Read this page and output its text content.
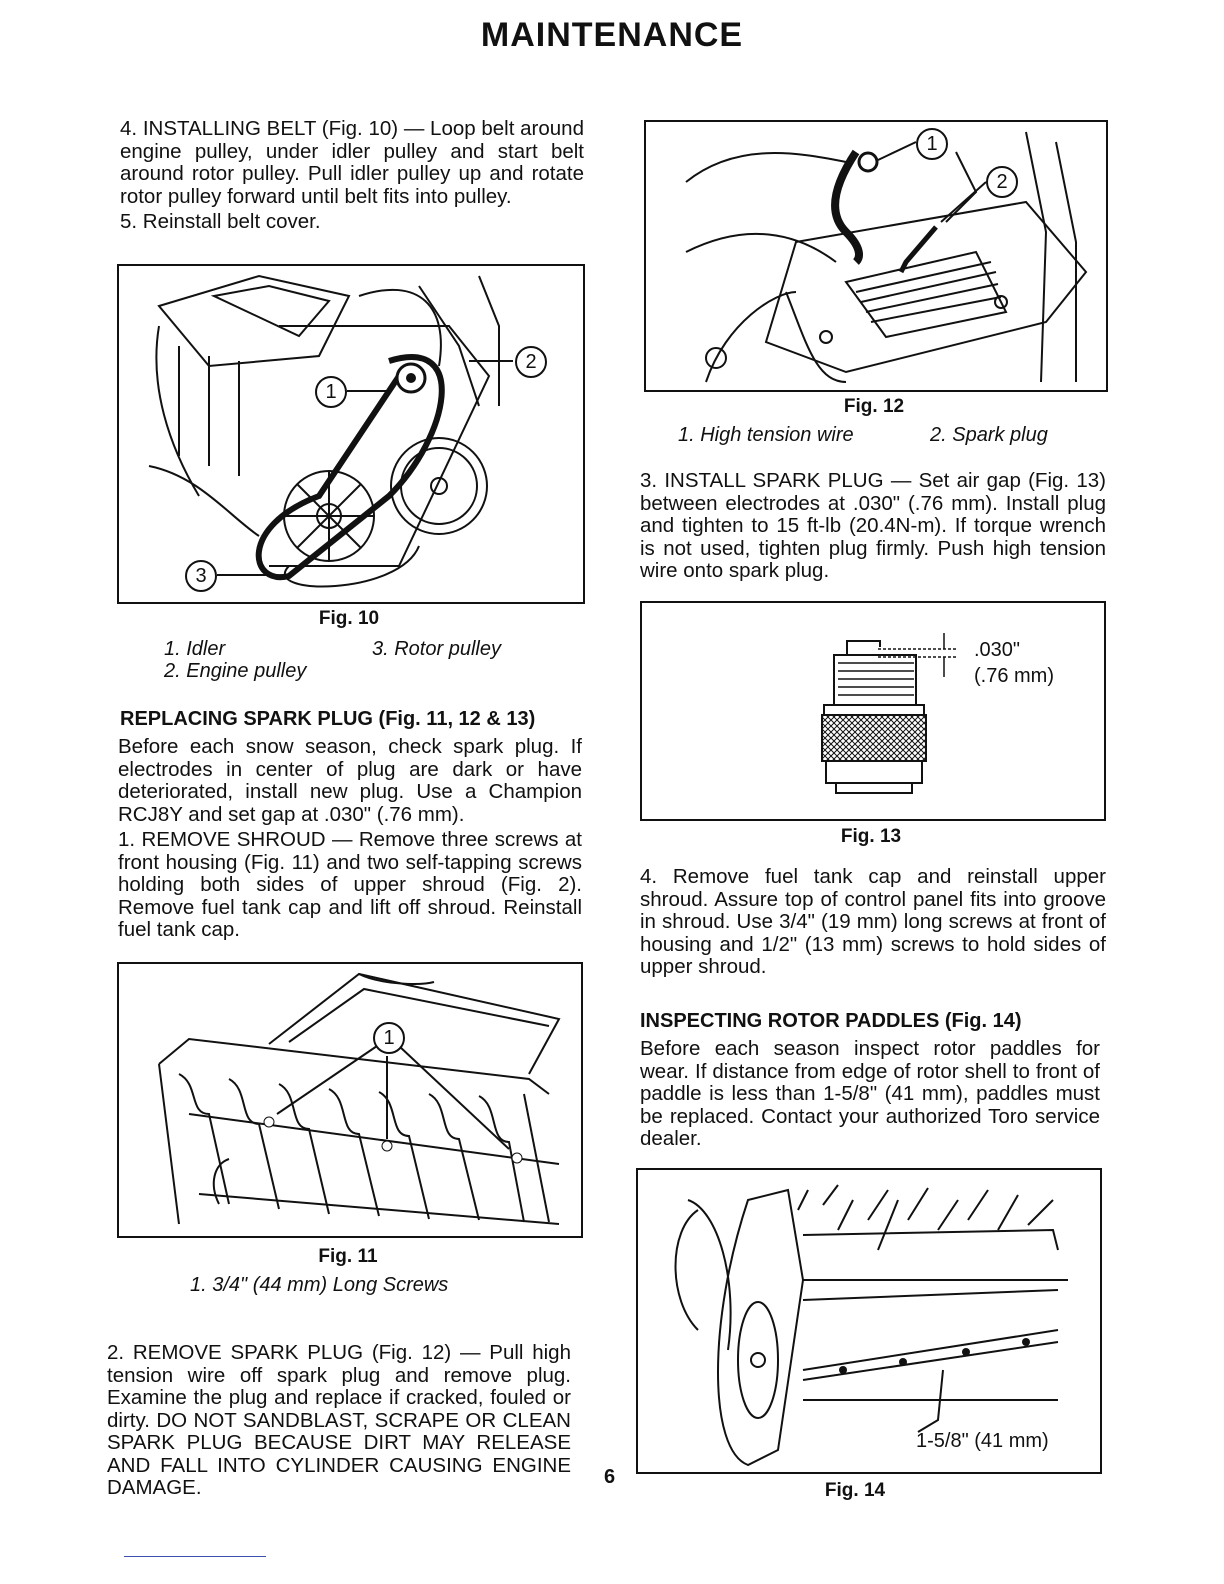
MAINTENANCE

4. INSTALLING BELT (Fig. 10) — Loop belt around engine pulley, under idler pulley and start belt around rotor pulley. Pull idler pulley up and rotate rotor pulley forward until belt fits into pulley.

5. Reinstall belt cover.

1
2
3
Fig. 10
1. Idler	3. Rotor pulley
2. Engine pulley
REPLACING SPARK PLUG (Fig. 11, 12 & 13)

Before each snow season, check spark plug. If electrodes in center of plug are dark or have deteriorated, install new plug. Use a Champion RCJ8Y and set gap at .030" (.76 mm).

1. REMOVE SHROUD — Remove three screws at front housing (Fig. 11) and two self-tapping screws holding both sides of upper shroud (Fig. 2). Remove fuel tank cap and lift off shroud. Reinstall fuel tank cap.

1
Fig. 11
1. 3/4" (44 mm) Long Screws
2. REMOVE SPARK PLUG (Fig. 12) — Pull high tension wire off spark plug and remove plug. Examine the plug and replace if cracked, fouled or dirty. DO NOT SANDBLAST, SCRAPE OR CLEAN SPARK PLUG BECAUSE DIRT MAY RELEASE AND FALL INTO CYLINDER CAUSING ENGINE DAMAGE.	6
1
2
Fig. 12
1. High tension wire	2. Spark plug
3. INSTALL SPARK PLUG — Set air gap (Fig. 13) between electrodes at .030" (.76 mm). Install plug and tighten to 15 ft-lb (20.4N-m). If torque wrench is not used, tighten plug firmly. Push high tension wire onto spark plug.
.030"
(.76 mm)
Fig. 13
4. Remove fuel tank cap and reinstall upper shroud. Assure top of control panel fits into groove in shroud. Use 3/4" (19 mm) long screws at front of housing and 1/2" (13 mm) screws to hold sides of upper shroud.
INSPECTING ROTOR PADDLES (Fig. 14)
Before each season inspect rotor paddles for wear. If distance from edge of rotor shell to front of paddle is less than 1-5/8" (41 mm), paddles must be replaced. Contact your authorized Toro service dealer.
1-5/8" (41 mm)
Fig. 14
